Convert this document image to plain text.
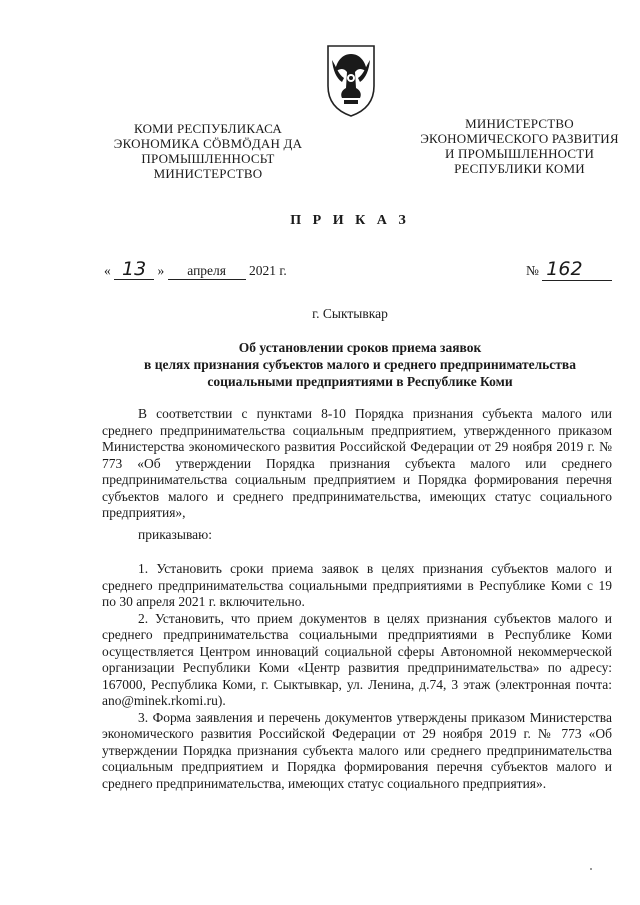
КОМИ РЕСПУБЛИКАСА
ЭКОНОМИКА СӦВМӦДАН ДА
ПРОМЫШЛЕННОСЬТ
МИНИСТЕРСТВО
МИНИСТЕРСТВО
ЭКОНОМИЧЕСКОГО РАЗВИТИЯ
И ПРОМЫШЛЕННОСТИ
РЕСПУБЛИКИ КОМИ
П Р И К А З
« 13 » апреля 2021 г.	№ 162
г. Сыктывкар
Об установлении сроков приема заявок
в целях признания субъектов малого и среднего предпринимательства
социальными предприятиями в Республике Коми

В соответствии с пунктами 8-10 Порядка признания субъекта малого или среднего предпринимательства социальным предприятием, утвержденного приказом Министерства экономического развития Российской Федерации от 29 ноября 2019 г. № 773 «Об утверждении Порядка признания субъекта малого или среднего предпринимательства социальным предприятием и Порядка формирования перечня субъектов малого и среднего предпринимательства, имеющих статус социального предприятия»,

приказываю:

1. Установить сроки приема заявок в целях признания субъектов малого и среднего предпринимательства социальными предприятиями в Республике Коми с 19 по 30 апреля 2021 г. включительно.

2. Установить, что прием документов в целях признания субъектов малого и среднего предпринимательства социальными предприятиями в Республике Коми осуществляется Центром инноваций социальной сферы Автономной некоммерческой организации Республики Коми «Центр развития предпринимательства» по адресу: 167000, Республика Коми, г. Сыктывкар, ул. Ленина, д.74, 3 этаж (электронная почта: ano@minek.rkomi.ru).

3. Форма заявления и перечень документов утверждены приказом Министерства экономического развития Российской Федерации от 29 ноября 2019 г. № 773 «Об утверждении Порядка признания субъекта малого или среднего предпринимательства социальным предприятием и Порядка формирования перечня субъектов малого и среднего предпринимательства, имеющих статус социального предприятия».
